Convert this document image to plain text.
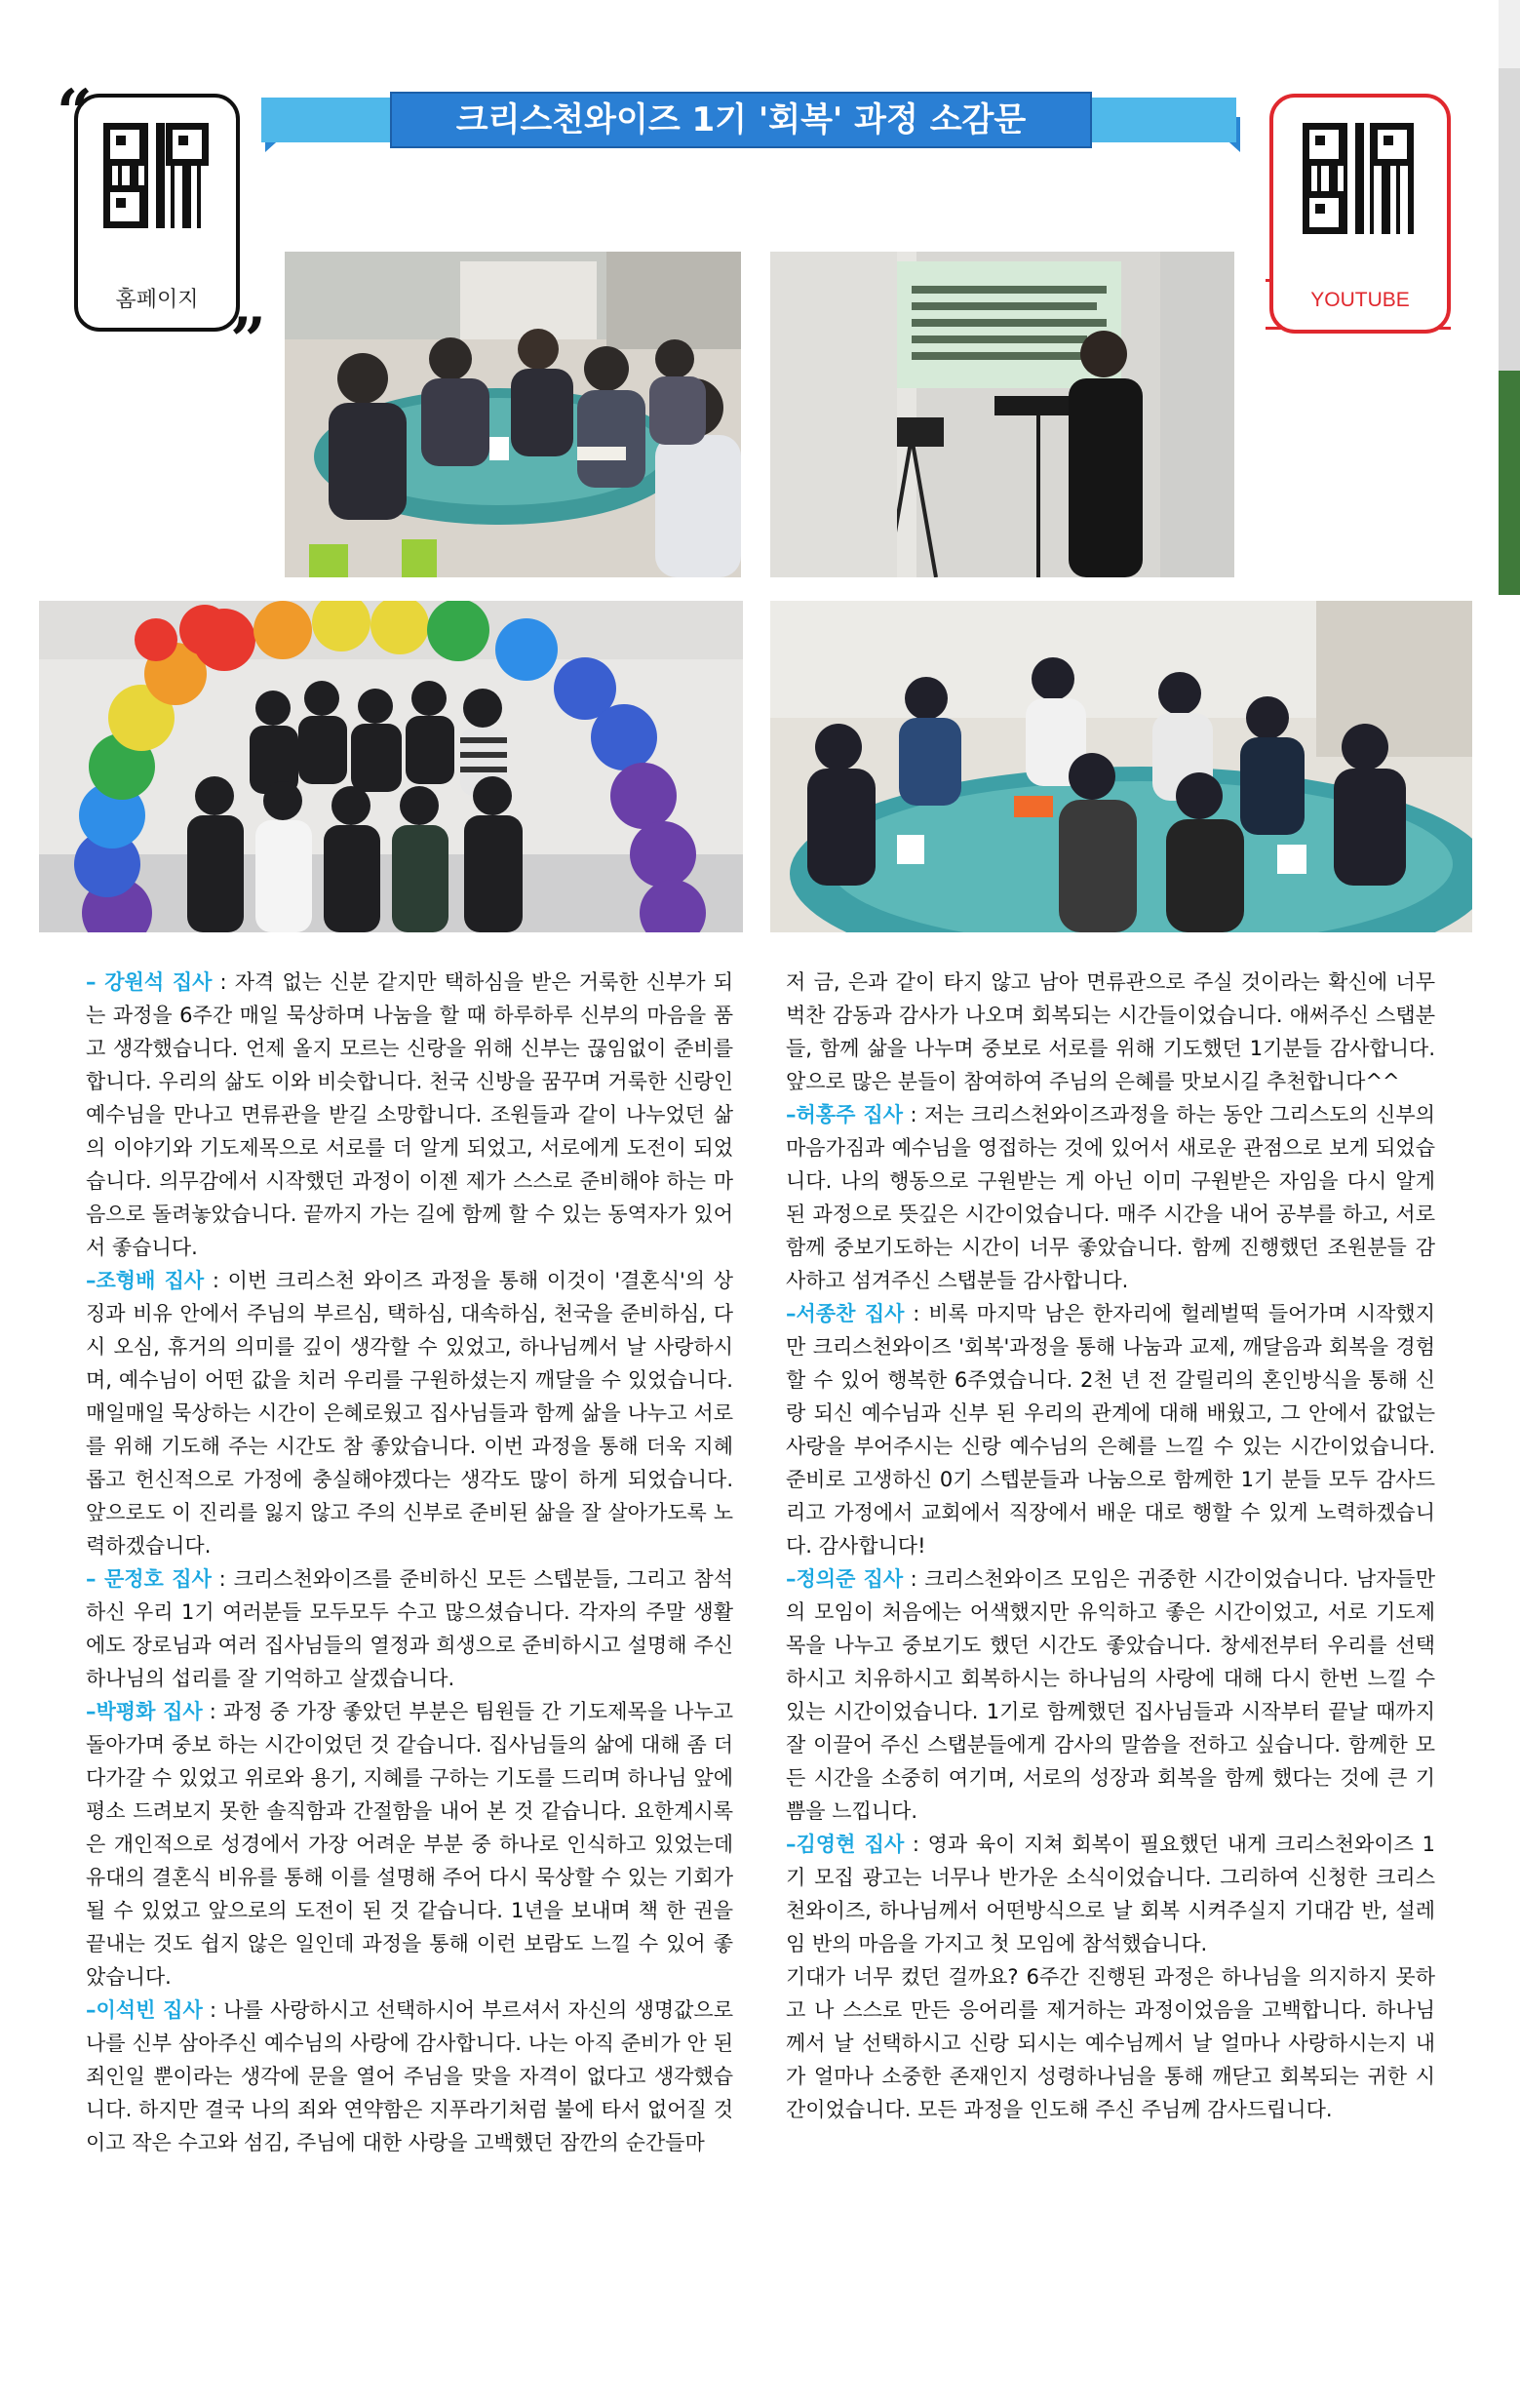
홈페이지
“
”
크리스천와이즈 1기 '회복' 과정 소감문
YOUTUBE

– 강원석 집사 : 자격 없는 신분 같지만 택하심을 받은 거룩한 신부가 되는 과정을 6주간 매일 묵상하며 나눔을 할 때 하루하루 신부의 마음을 품고 생각했습니다. 언제 올지 모르는 신랑을 위해 신부는 끊임없이 준비를 합니다. 우리의 삶도 이와 비슷합니다. 천국 신방을 꿈꾸며 거룩한 신랑인 예수님을 만나고 면류관을 받길 소망합니다. 조원들과 같이 나누었던 삶의 이야기와 기도제목으로 서로를 더 알게 되었고, 서로에게 도전이 되었습니다. 의무감에서 시작했던 과정이 이젠 제가 스스로 준비해야 하는 마음으로 돌려놓았습니다. 끝까지 가는 길에 함께 할 수 있는 동역자가 있어서 좋습니다.

–조형배 집사 : 이번 크리스천 와이즈 과정을 통해 이것이 '결혼식'의 상징과 비유 안에서 주님의 부르심, 택하심, 대속하심, 천국을 준비하심, 다시 오심, 휴거의 의미를 깊이 생각할 수 있었고, 하나님께서 날 사랑하시며, 예수님이 어떤 값을 치러 우리를 구원하셨는지 깨달을 수 있었습니다. 매일매일 묵상하는 시간이 은혜로웠고 집사님들과 함께 삶을 나누고 서로를 위해 기도해 주는 시간도 참 좋았습니다. 이번 과정을 통해 더욱 지혜롭고 헌신적으로 가정에 충실해야겠다는 생각도 많이 하게 되었습니다. 앞으로도 이 진리를 잃지 않고 주의 신부로 준비된 삶을 잘 살아가도록 노력하겠습니다.

– 문정호 집사 : 크리스천와이즈를 준비하신 모든 스텝분들, 그리고 참석하신 우리 1기 여러분들 모두모두 수고 많으셨습니다. 각자의 주말 생활에도 장로님과 여러 집사님들의 열정과 희생으로 준비하시고 설명해 주신 하나님의 섭리를 잘 기억하고 살겠습니다.

–박평화 집사 : 과정 중 가장 좋았던 부분은 팀원들 간 기도제목을 나누고 돌아가며 중보 하는 시간이었던 것 같습니다. 집사님들의 삶에 대해 좀 더 다가갈 수 있었고 위로와 용기, 지혜를 구하는 기도를 드리며 하나님 앞에 평소 드려보지 못한 솔직함과 간절함을 내어 본 것 같습니다. 요한계시록은 개인적으로 성경에서 가장 어려운 부분 중 하나로 인식하고 있었는데 유대의 결혼식 비유를 통해 이를 설명해 주어 다시 묵상할 수 있는 기회가 될 수 있었고 앞으로의 도전이 된 것 같습니다. 1년을 보내며 책 한 권을 끝내는 것도 쉽지 않은 일인데 과정을 통해 이런 보람도 느낄 수 있어 좋았습니다.

–이석빈 집사 : 나를 사랑하시고 선택하시어 부르셔서 자신의 생명값으로 나를 신부 삼아주신 예수님의 사랑에 감사합니다. 나는 아직 준비가 안 된 죄인일 뿐이라는 생각에 문을 열어 주님을 맞을 자격이 없다고 생각했습니다. 하지만 결국 나의 죄와 연약함은 지푸라기처럼 불에 타서 없어질 것이고 작은 수고와 섬김, 주님에 대한 사랑을 고백했던 잠깐의 순간들마

저 금, 은과 같이 타지 않고 남아 면류관으로 주실 것이라는 확신에 너무 벅찬 감동과 감사가 나오며 회복되는 시간들이었습니다. 애써주신 스탭분들, 함께 삶을 나누며 중보로 서로를 위해 기도했던 1기분들 감사합니다. 앞으로 많은 분들이 참여하여 주님의 은혜를 맛보시길 추천합니다^^

–허홍주 집사 : 저는 크리스천와이즈과정을 하는 동안 그리스도의 신부의 마음가짐과 예수님을 영접하는 것에 있어서 새로운 관점으로 보게 되었습니다. 나의 행동으로 구원받는 게 아닌 이미 구원받은 자임을 다시 알게 된 과정으로 뜻깊은 시간이었습니다. 매주 시간을 내어 공부를 하고, 서로 함께 중보기도하는 시간이 너무 좋았습니다. 함께 진행했던 조원분들 감사하고 섬겨주신 스탭분들 감사합니다.

–서종찬 집사 : 비록 마지막 남은 한자리에 헐레벌떡 들어가며 시작했지만 크리스천와이즈 '회복'과정을 통해 나눔과 교제, 깨달음과 회복을 경험할 수 있어 행복한 6주였습니다. 2천 년 전 갈릴리의 혼인방식을 통해 신랑 되신 예수님과 신부 된 우리의 관계에 대해 배웠고, 그 안에서 값없는 사랑을 부어주시는 신랑 예수님의 은혜를 느낄 수 있는 시간이었습니다. 준비로 고생하신 0기 스텝분들과 나눔으로 함께한 1기 분들 모두 감사드리고 가정에서 교회에서 직장에서 배운 대로 행할 수 있게 노력하겠습니다. 감사합니다!

–정의준 집사 : 크리스천와이즈 모임은 귀중한 시간이었습니다. 남자들만의 모임이 처음에는 어색했지만 유익하고 좋은 시간이었고, 서로 기도제목을 나누고 중보기도 했던 시간도 좋았습니다. 창세전부터 우리를 선택하시고 치유하시고 회복하시는 하나님의 사랑에 대해 다시 한번 느낄 수 있는 시간이었습니다. 1기로 함께했던 집사님들과 시작부터 끝날 때까지 잘 이끌어 주신 스탭분들에게 감사의 말씀을 전하고 싶습니다. 함께한 모든 시간을 소중히 여기며, 서로의 성장과 회복을 함께 했다는 것에 큰 기쁨을 느낍니다.

–김영현 집사 : 영과 육이 지쳐 회복이 필요했던 내게 크리스천와이즈 1기 모집 광고는 너무나 반가운 소식이었습니다. 그리하여 신청한 크리스천와이즈, 하나님께서 어떤방식으로 날 회복 시켜주실지 기대감 반, 설레임 반의 마음을 가지고 첫 모임에 참석했습니다.

기대가 너무 컸던 걸까요? 6주간 진행된 과정은 하나님을 의지하지 못하고 나 스스로 만든 응어리를 제거하는 과정이었음을 고백합니다. 하나님께서 날 선택하시고 신랑 되시는 예수님께서 날 얼마나 사랑하시는지 내가 얼마나 소중한 존재인지 성령하나님을 통해 깨닫고 회복되는 귀한 시간이었습니다. 모든 과정을 인도해 주신 주님께 감사드립니다.
